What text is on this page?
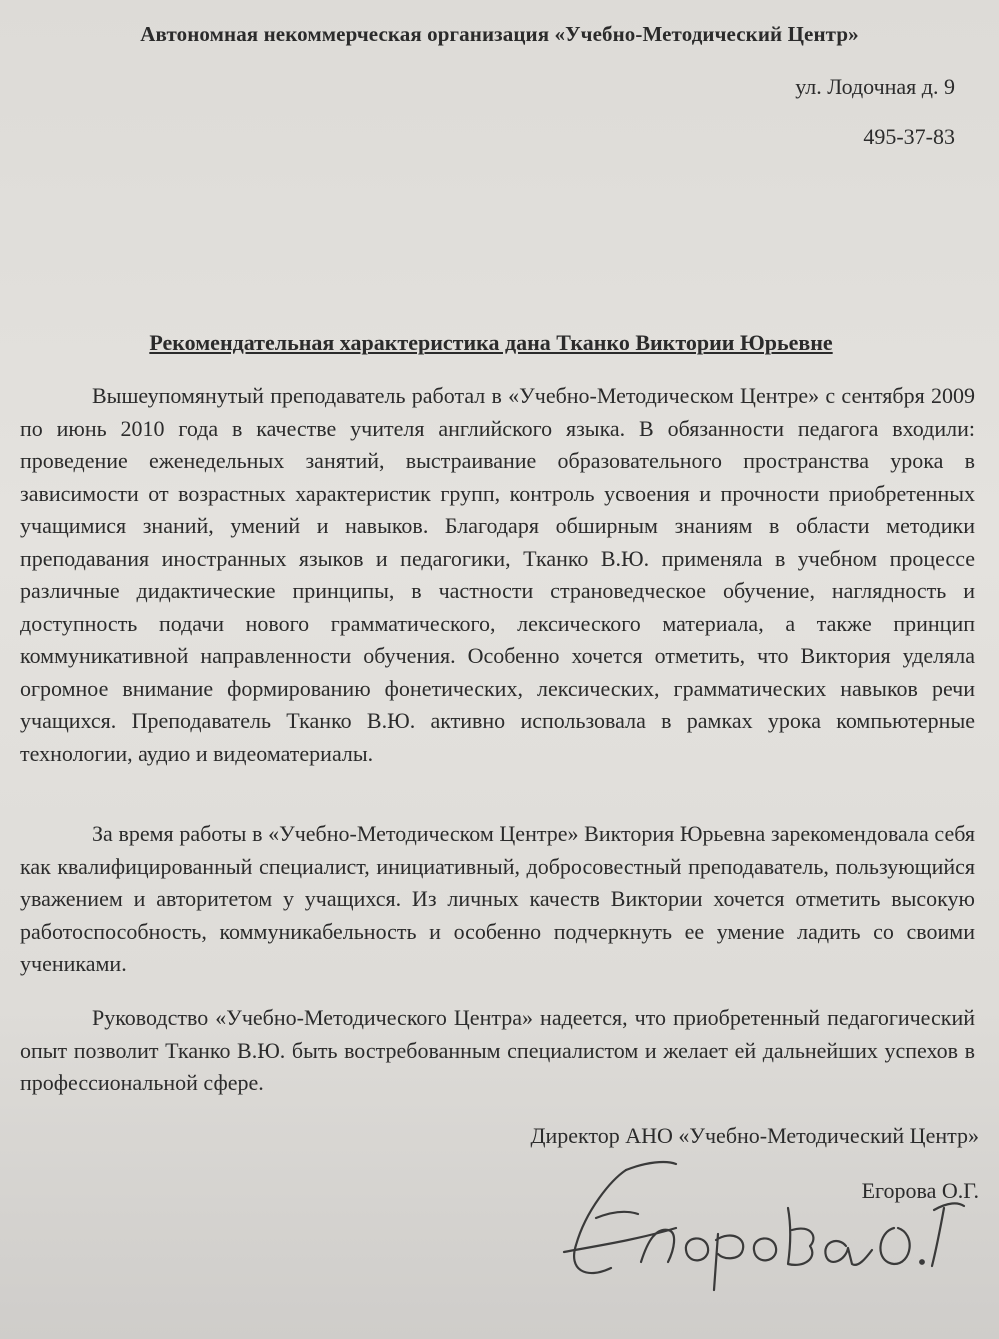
Автономная некоммерческая организация «Учебно-Методический Центр»
ул. Лодочная д. 9
495-37-83
Рекомендательная характеристика дана Тканко Виктории Юрьевне

Вышеупомянутый преподаватель работал в «Учебно-Методическом Центре» с сентября 2009 по июнь 2010 года в качестве учителя английского языка. В обязанности педагога входили: проведение еженедельных занятий, выстраивание образовательного пространства урока в зависимости от возрастных характеристик групп, контроль усвоения и прочности приобретенных учащимися знаний, умений и навыков. Благодаря обширным знаниям в области методики преподавания иностранных языков и педагогики, Тканко В.Ю. применяла в учебном процессе различные дидактические принципы, в частности страноведческое обучение, наглядность и доступность подачи нового грамматического, лексического материала, а также принцип коммуникативной направленности обучения. Особенно хочется отметить, что Виктория уделяла огромное внимание формированию фонетических, лексических, грамматических навыков речи учащихся. Преподаватель Тканко В.Ю. активно использовала в рамках урока компьютерные технологии, аудио и видеоматериалы.

За время работы в «Учебно-Методическом Центре» Виктория Юрьевна зарекомендовала себя как квалифицированный специалист, инициативный, добросовестный преподаватель, пользующийся уважением и авторитетом у учащихся. Из личных качеств Виктории хочется отметить высокую работоспособность, коммуникабельность и особенно подчеркнуть ее умение ладить со своими учениками.

Руководство «Учебно-Методического Центра» надеется, что приобретенный педагогический опыт позволит Тканко В.Ю. быть востребованным специалистом и желает ей дальнейших успехов в профессиональной сфере.

Директор АНО «Учебно-Методический Центр»
Егорова О.Г.
